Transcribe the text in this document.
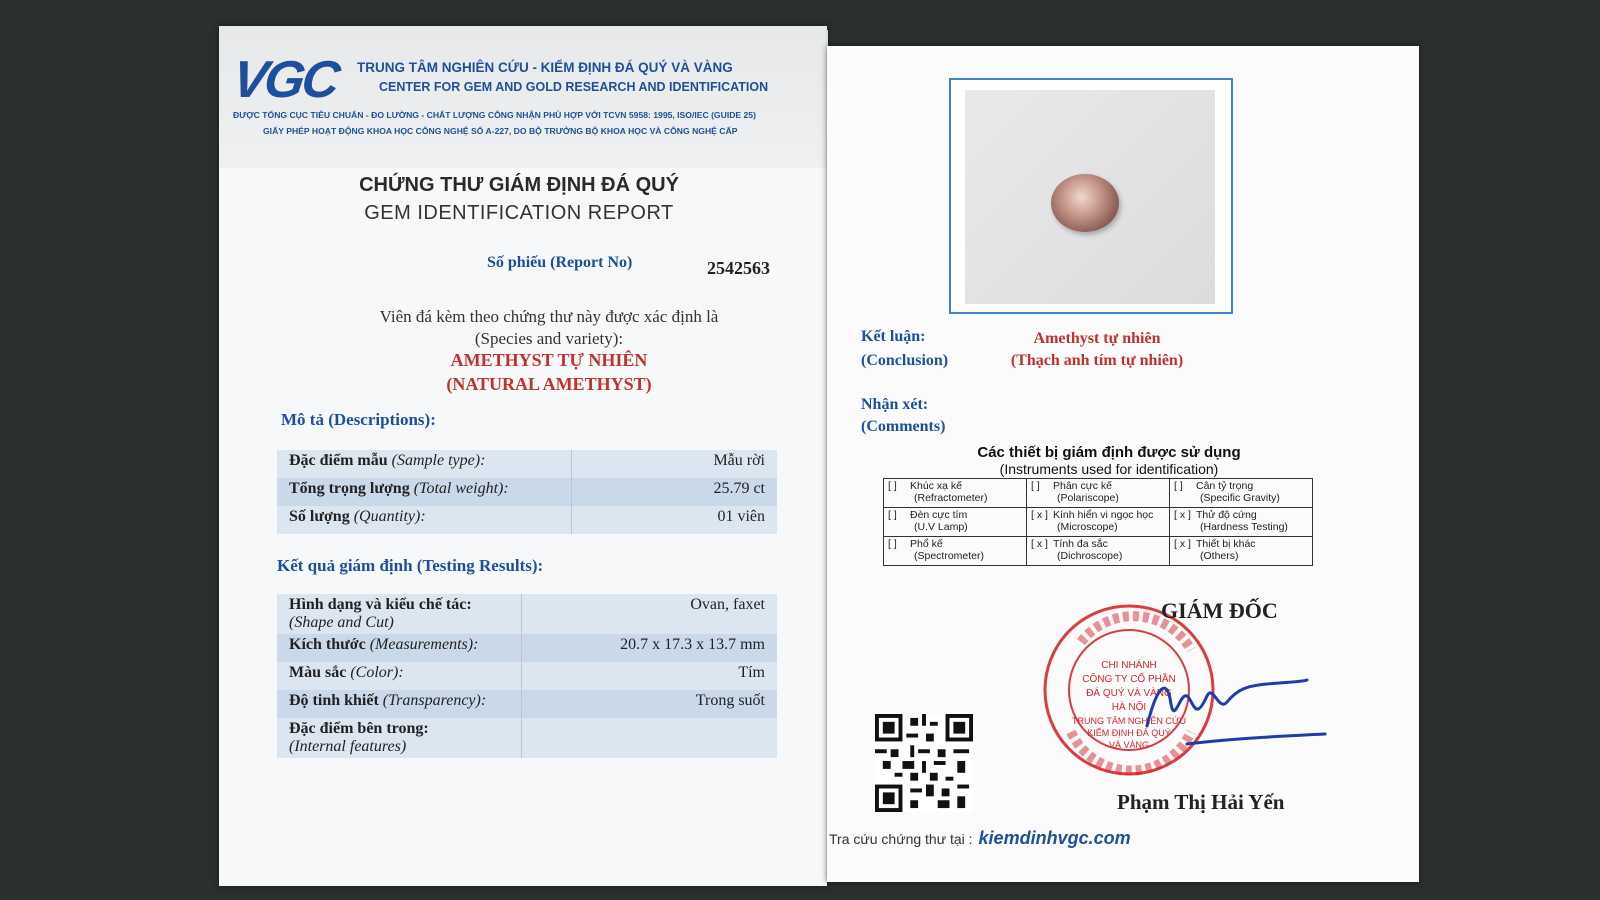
VGC TRUNG TÂM NGHIÊN CỨU - KIỂM ĐỊNH ĐÁ QUÝ VÀ VÀNG
CENTER FOR GEM AND GOLD RESEARCH AND IDENTIFICATION
ĐƯỢC TỔNG CỤC TIÊU CHUẨN - ĐO LƯỜNG - CHẤT LƯỢNG CÔNG NHẬN PHÙ HỢP VỚI TCVN 5958: 1995, ISO/IEC (GUIDE 25)
GIẤY PHÉP HOẠT ĐỘNG KHOA HỌC CÔNG NGHỆ SỐ A-227, DO BỘ TRƯỞNG BỘ KHOA HỌC VÀ CÔNG NGHỆ CẤP
CHỨNG THƯ GIÁM ĐỊNH ĐÁ QUÝ
GEM IDENTIFICATION REPORT
Số phiếu (Report No)	2542563
Viên đá kèm theo chứng thư này được xác định là
(Species and variety):
AMETHYST TỰ NHIÊN
(NATURAL AMETHYST)
Mô tả (Descriptions):
Đặc điểm mẫu (Sample type):	Mẫu rời
Tổng trọng lượng (Total weight):	25.79 ct
Số lượng (Quantity):	01 viên
Kết quả giám định (Testing Results):
Hình dạng và kiểu chế tác:
(Shape and Cut)	Ovan, faxet
Kích thước (Measurements):	20.7 x 17.3 x 13.7 mm
Màu sắc (Color):	Tím
Độ tinh khiết (Transparency):	Trong suốt

Đặc điểm bên trong:
(Internal features)	

Kết luận:
(Conclusion)
Amethyst tự nhiên
(Thạch anh tím tự nhiên)
Nhận xét:
(Comments)
Các thiết bị giám định được sử dụng
(Instruments used for identification)
[ ] Khúc xạ kế
(Refractometer)	[ ] Phân cực kế
(Polariscope)	[ ] Cân tỷ trọng
(Specific Gravity)

[ ] Đèn cực tím
(U.V Lamp)	[ x ] Kính hiển vi ngọc học
(Microscope)	[ x ] Thử độ cứng
(Hardness Testing)

[ ] Phổ kế
(Spectrometer)	[ x ] Tính đa sắc
(Dichroscope)	[ x ] Thiết bị khác
(Others)
CHI NHÁNH
CÔNG TY CỔ PHẦN
ĐÁ QUÝ VÀ VÀNG
HÀ NỘI
TRUNG TÂM NGHIÊN CỨU
KIỂM ĐỊNH ĐÁ QUÝ
VÀ VÀNG
GIÁM ĐỐC
Phạm Thị Hải Yến
Tra cứu chứng thư tại : kiemdinhvgc.com
